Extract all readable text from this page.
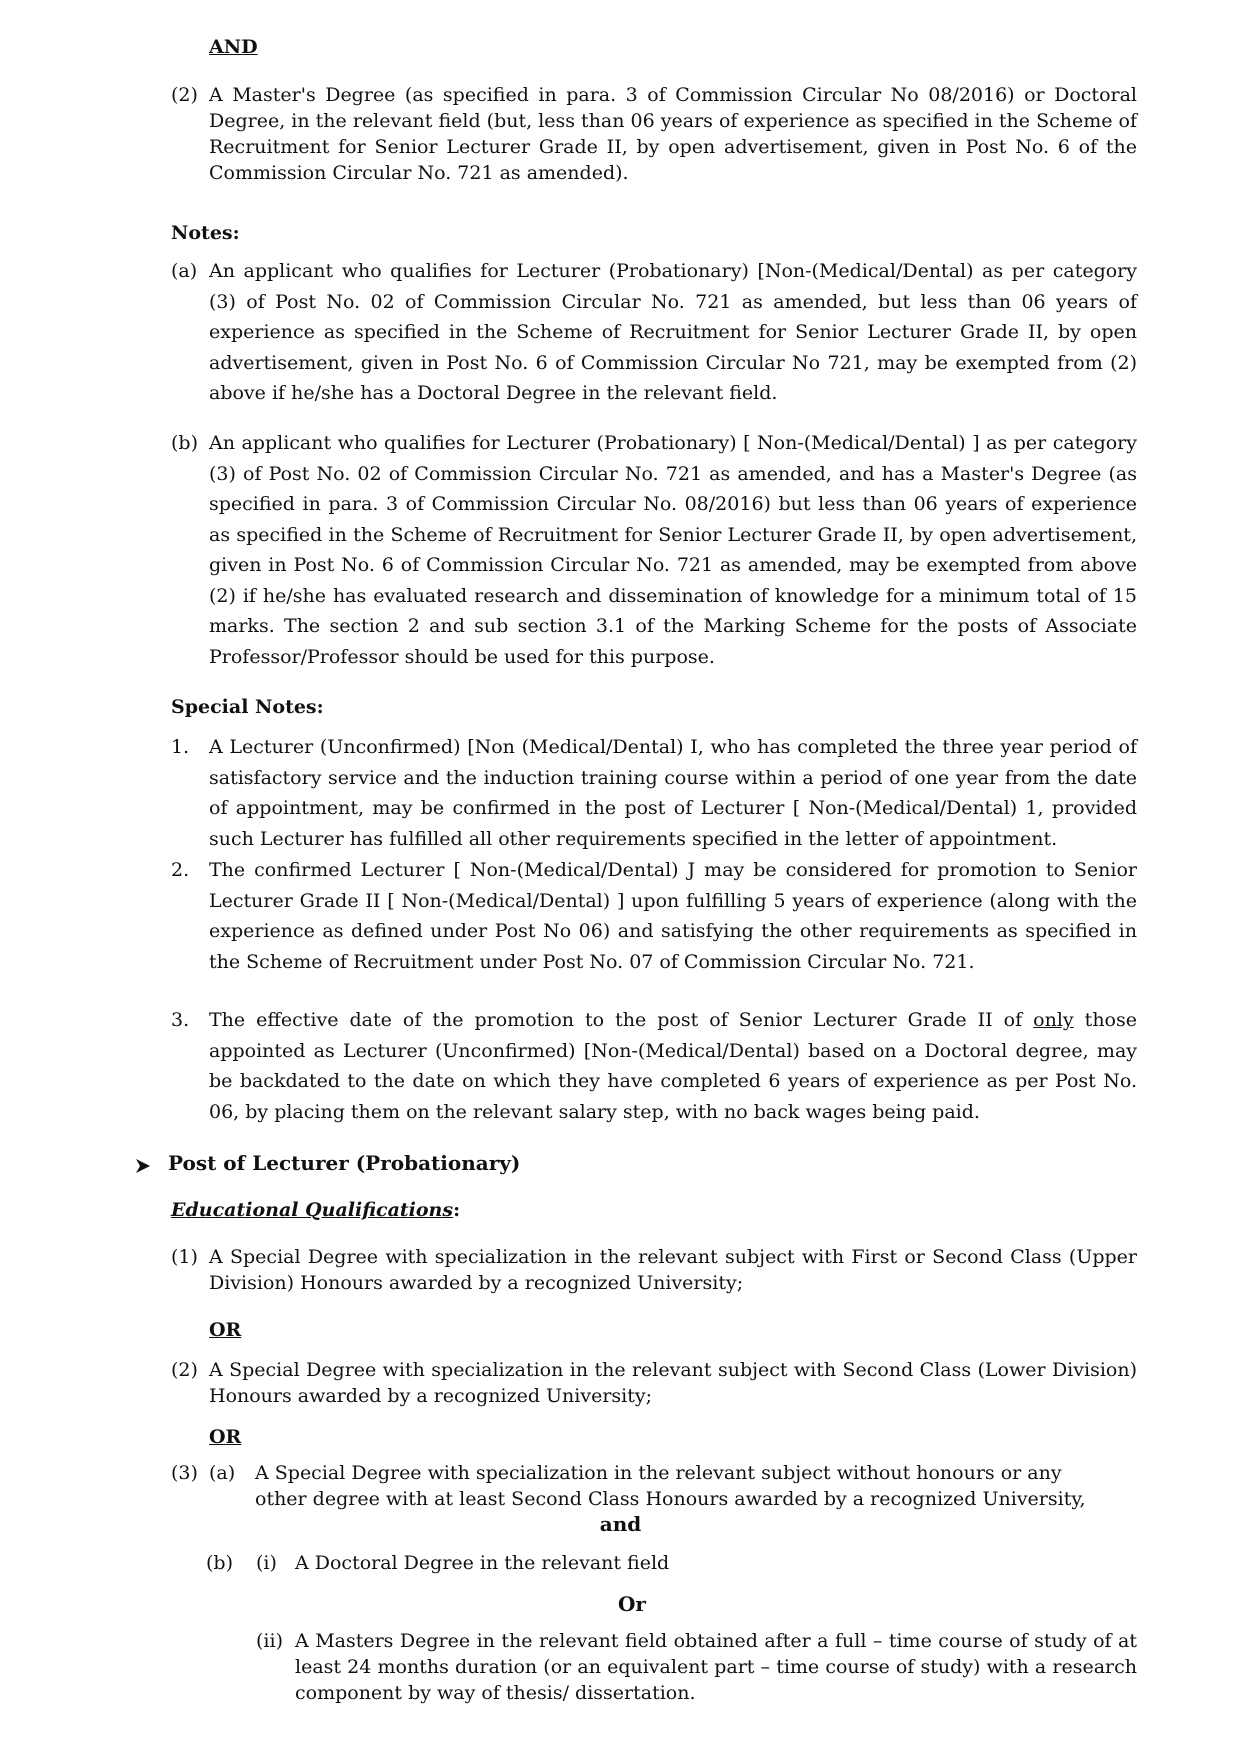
AND
(2) A Master's Degree (as specified in para. 3 of Commission Circular No 08/2016) or Doctoral Degree, in the relevant field (but, less than 06 years of experience as specified in the Scheme of Recruitment for Senior Lecturer Grade II, by open advertisement, given in Post No. 6 of the Commission Circular No. 721 as amended).
Notes:
(a) An applicant who qualifies for Lecturer (Probationary) [Non-(Medical/Dental) as per category (3) of Post No. 02 of Commission Circular No. 721 as amended, but less than 06 years of experience as specified in the Scheme of Recruitment for Senior Lecturer Grade II, by open advertisement, given in Post No. 6 of Commission Circular No 721, may be exempted from (2) above if he/she has a Doctoral Degree in the relevant field.
(b) An applicant who qualifies for Lecturer (Probationary) [ Non-(Medical/Dental) ] as per category (3) of Post No. 02 of Commission Circular No. 721 as amended, and has a Master's Degree (as specified in para. 3 of Commission Circular No. 08/2016) but less than 06 years of experience as specified in the Scheme of Recruitment for Senior Lecturer Grade II, by open advertisement, given in Post No. 6 of Commission Circular No. 721 as amended, may be exempted from above (2) if he/she has evaluated research and dissemination of knowledge for a minimum total of 15 marks. The section 2 and sub section 3.1 of the Marking Scheme for the posts of Associate Professor/Professor should be used for this purpose.
Special Notes:
1. A Lecturer (Unconfirmed) [Non (Medical/Dental) I, who has completed the three year period of satisfactory service and the induction training course within a period of one year from the date of appointment, may be confirmed in the post of Lecturer [ Non-(Medical/Dental) 1, provided such Lecturer has fulfilled all other requirements specified in the letter of appointment.
2. The confirmed Lecturer [ Non-(Medical/Dental) J may be considered for promotion to Senior Lecturer Grade II [ Non-(Medical/Dental) ] upon fulfilling 5 years of experience (along with the experience as defined under Post No 06) and satisfying the other requirements as specified in the Scheme of Recruitment under Post No. 07 of Commission Circular No. 721.
3. The effective date of the promotion to the post of Senior Lecturer Grade II of only those appointed as Lecturer (Unconfirmed) [Non-(Medical/Dental) based on a Doctoral degree, may be backdated to the date on which they have completed 6 years of experience as per Post No. 06, by placing them on the relevant salary step, with no back wages being paid.
Post of Lecturer (Probationary)
Educational Qualifications:
(1) A Special Degree with specialization in the relevant subject with First or Second Class (Upper Division) Honours awarded by a recognized University;
OR
(2) A Special Degree with specialization in the relevant subject with Second Class (Lower Division) Honours awarded by a recognized University;
OR
(3) (a) A Special Degree with specialization in the relevant subject without honours or any other degree with at least Second Class Honours awarded by a recognized University,
and
(b) (i) A Doctoral Degree in the relevant field
Or
(ii) A Masters Degree in the relevant field obtained after a full – time course of study of at least 24 months duration (or an equivalent part – time course of study) with a research component by way of thesis/ dissertation.
